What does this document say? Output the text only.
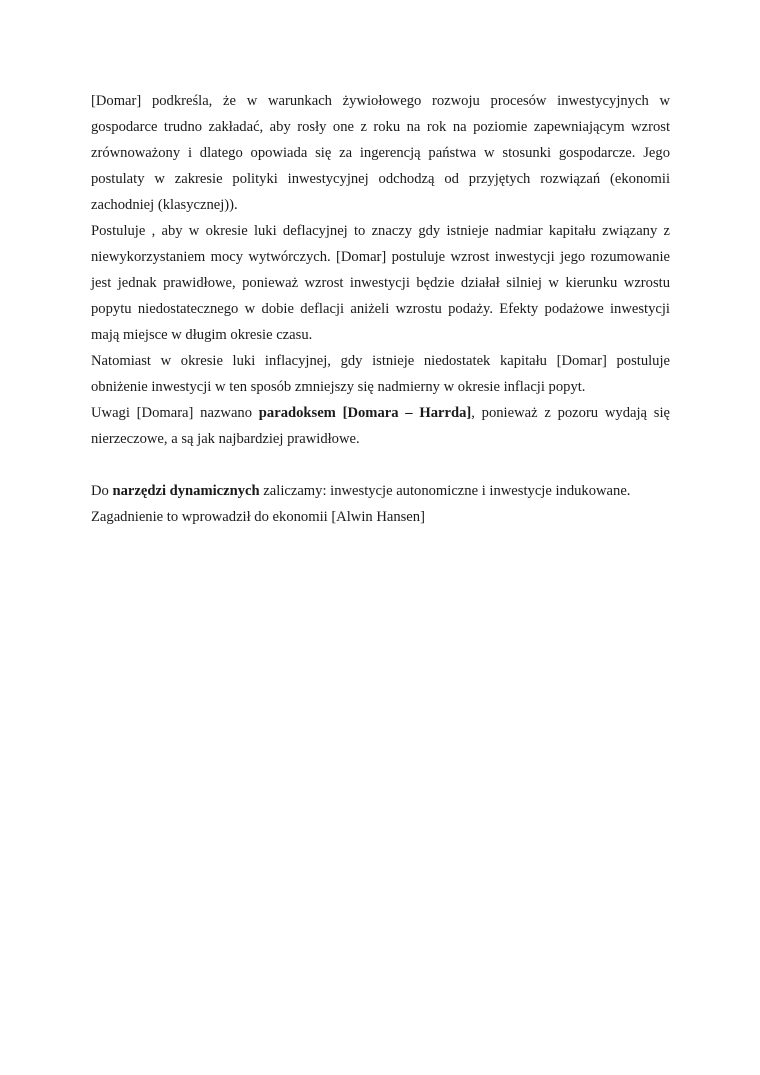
[Domar] podkreśla, że w warunkach żywiołowego rozwoju procesów inwestycyjnych w gospodarce trudno zakładać, aby rosły one z roku na rok na poziomie zapewniającym wzrost zrównoważony i dlatego opowiada się za ingerencją państwa w stosunki gospodarcze. Jego postulaty w zakresie polityki inwestycyjnej odchodzą od przyjętych rozwiązań (ekonomii zachodniej (klasycznej)).

Postuluje , aby w okresie luki deflacyjnej to znaczy gdy istnieje nadmiar kapitału związany z niewykorzystaniem mocy wytwórczych. [Domar] postuluje wzrost inwestycji jego rozumowanie jest jednak prawidłowe, ponieważ wzrost inwestycji będzie działał silniej w kierunku wzrostu popytu niedostatecznego w dobie deflacji aniżeli wzrostu podaży. Efekty podażowe inwestycji mają miejsce w długim okresie czasu.

Natomiast w okresie luki inflacyjnej, gdy istnieje niedostatek kapitału [Domar] postuluje obniżenie inwestycji w ten sposób zmniejszy się nadmierny w okresie inflacji popyt.

Uwagi [Domara] nazwano paradoksem [Domara – Harrda], ponieważ z pozoru wydają się nierzeczowe, a są jak najbardziej prawidłowe.

Do narzędzi dynamicznych zaliczamy: inwestycje autonomiczne i inwestycje indukowane.

Zagadnienie to wprowadził do ekonomii [Alwin Hansen]
